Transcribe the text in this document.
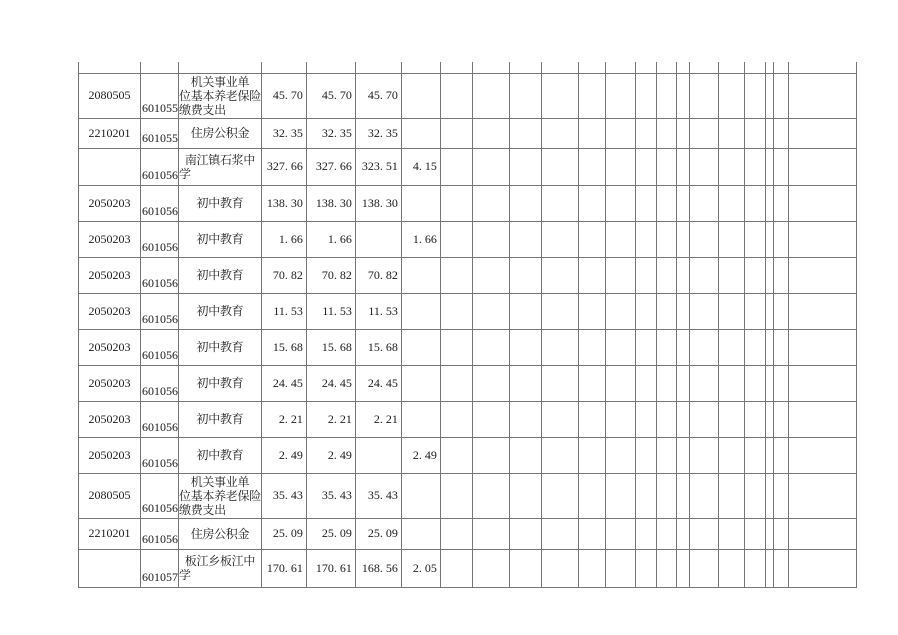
2080505	601055	机关事业单
位基本养老保险
缴费支出	45. 70	45. 70	45. 70																
2210201	601055	住房公积金	32. 35	32. 35	32. 35																
	601056	南江镇石浆中
学	327. 66	327. 66	323. 51	4. 15															
2050203	601056	初中教育	138. 30	138. 30	138. 30																
2050203	601056	初中教育	1. 66	1. 66		1. 66															
2050203	601056	初中教育	70. 82	70. 82	70. 82																
2050203	601056	初中教育	11. 53	11. 53	11. 53																
2050203	601056	初中教育	15. 68	15. 68	15. 68																
2050203	601056	初中教育	24. 45	24. 45	24. 45																
2050203	601056	初中教育	2. 21	2. 21	2. 21																
2050203	601056	初中教育	2. 49	2. 49		2. 49															
2080505	601056	机关事业单
位基本养老保险
缴费支出	35. 43	35. 43	35. 43																
2210201	601056	住房公积金	25. 09	25. 09	25. 09																
	601057	板江乡板江中
学	170. 61	170. 61	168. 56	2. 05															
